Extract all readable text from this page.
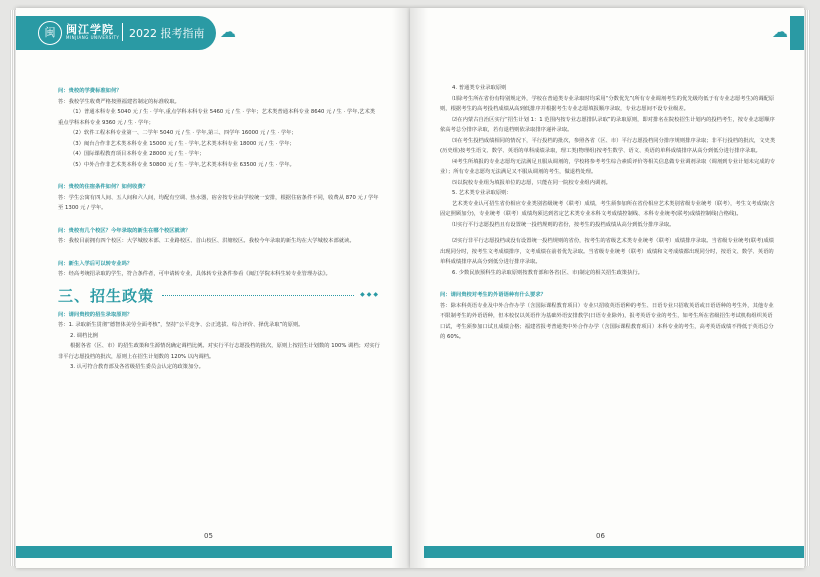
闽 闽江学院
MINJIANG UNIVERSITY 2022 报考指南 ☁

问：贵校的学费标准如何？

答：我校学生收费严格按照福建省制定的标准收取。

（1）普通本科专业 5040 元 / 生 · 学年,重点学科本科专业 5460 元 / 生 · 学年；艺术类普通本科专业 8640 元 / 生 · 学年,艺术类重点学科本科专业 9360 元 / 生 · 学年；

（2）软件工程本科专业第一、二学年 5040 元 / 生 · 学年,第三、四学年 16000 元 / 生 · 学年；

（3）闽台合作非艺术类本科专业 15000 元 / 生 · 学年,艺术类本科专业 18000 元 / 生 · 学年；

（4）国际课程教育项目本科专业 28000 元 / 生 · 学年；

（5）中外合作非艺术类本科专业 50800 元 / 生 · 学年,艺术类本科专业 63500 元 / 生 · 学年。

问：贵校的住宿条件如何？如何收费？

答：学生公寓有四人间、五人间和六人间，均配有空调、热水器，宿舍按专业由学校统一安排，根据住宿条件不同，收费从 870 元 / 学年至 1300 元 / 学年。

问：贵校有几个校区？今年录取的新生在哪个校区就读？

答：我校目前拥有四个校区：大学城校本部、工业路校区、首山校区、洪塘校区。我校今年录取的新生均在大学城校本部就读。

问：新生入学后可以转专业吗？

答：经高考统招录取的学生，符合条件者，可申请转专业，具体转专业条件参看《闽江学院本科生转专业管理办法》。

三、招生政策	◆◆◆

问：请问贵校的招生录取原则？

答：1. 录取新生贯彻“德智体美劳全面考核”，坚持“公平竞争、公正选拔、综合评价、择优录取”的原则。

2. 调档比例

根据各省（区、市）的招生政策和生源情况确定调档比例。对实行平行志愿投档的批次，原则上按招生计划数的 100% 调档；对实行非平行志愿投档的批次，原则上在招生计划数的 120% 以内调档。

3. 认可符合教育部及各省级招生委员会认定的政策加分。

05
☁

4. 普通类专业录取原则

⑴除考生所在省份有特别规定外，学校在普通类专业录取时均采用“分数优先”(所有专业调剂考生的优先级均低于有专业志愿考生)的调配原则，根据考生的高考投档成绩从高到低排序并根据考生专业志愿填报顺序录取，专业志愿间不设专业级差。

⑵在内蒙古自治区实行“招生计划 1：1 范围内按专业志愿排队录取”的录取原则，即对排名在院校招生计划内的投档考生，按专业志愿顺序依高考总分排序录取，若有退档则依录取排序递补录取。

⑶在考生投档成绩相同的情况下，平行投档的批次，参照各省（区、市）平行志愿投档同分排序规则排序录取；非平行投档的批次，文史类(历史组)按考生语文、数学、英语的单科成绩录取，理工类(物理组)按考生数学、语文、英语的单科成绩排序从高分到低分进行排序录取。

⑷考生所填报的专业志愿均无法满足且服从调剂的，学校将参考考生综合素质评价等相关信息做专业调剂录取（调剂到专业计划未完成的专业）；所有专业志愿均无法满足又不服从调剂的考生，做退档处理。

⑸以院校专业组为填报单位的志愿，只能在同一院校专业组内调剂。

5. 艺术类专业录取原则：

艺术类专业认可招生省份相应专业类别省级统考（联考）成绩，考生须参加所在省份相应艺术类别省级专业统考（联考），考生文考成绩(含固定照顾加分)，专业统考（联考）成绩均须达到省定艺术类专业本科文考成绩控制线、本科专业统考(联考)成绩控制线(合格线)。

⑴实行平行志愿投档且有设置统一投档规则的省份，按考生的投档成绩从高分到低分排序录取。

⑵实行非平行志愿投档或没有设置统一投档规则的省份，按考生的省级艺术类专业统考（联考）成绩排序录取。当省级专业统考(联考)成绩出现同分时，按考生文考成绩排序，文考成绩在前者优先录取。当省级专业统考（联考）成绩和文考成绩都出现同分时，按语文、数学、英语的单科成绩排序从高分到低分进行排序录取。

6. 少数民族预科生的录取原则按教育部和各省(区、市)制定的相关招生政策执行。

问：请问贵校对考生的外语语种有什么要求？

答：除本科英语专业及中外合作办学（含国际课程教育项目）专业只招收英语语种的考生、日语专业只招收英语或日语语种的考生外，其他专业不限制考生的外语语种，但本校仅以英语作为基础外语安排教学(日语专业除外)，报考英语专业的考生，如考生所在省级招生考试机构组织英语口试，考生须参加口试且成绩合格；福建省报考普通类中外合作办学（含国际课程教育项目）本科专业的考生，高考英语成绩不得低于英语总分的 60%。

06
